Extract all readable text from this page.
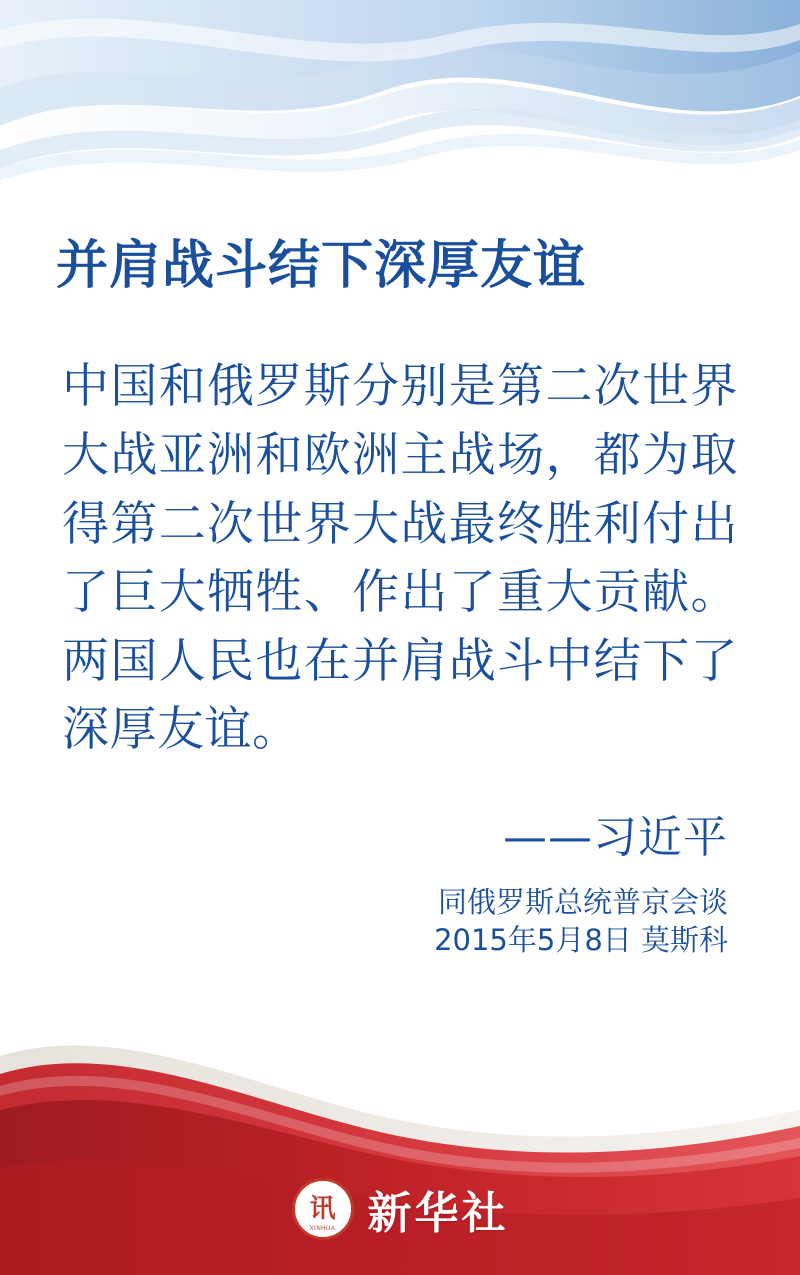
并肩战斗结下深厚友谊

中国和俄罗斯分别是第二次世界大战亚洲和欧洲主战场，都为取得第二次世界大战最终胜利付出了巨大牺牲、作出了重大贡献。两国人民也在并肩战斗中结下了深厚友谊。

——习近平

同俄罗斯总统普京会谈
2015年5月8日 莫斯科

讯
XINHUA 新华社
